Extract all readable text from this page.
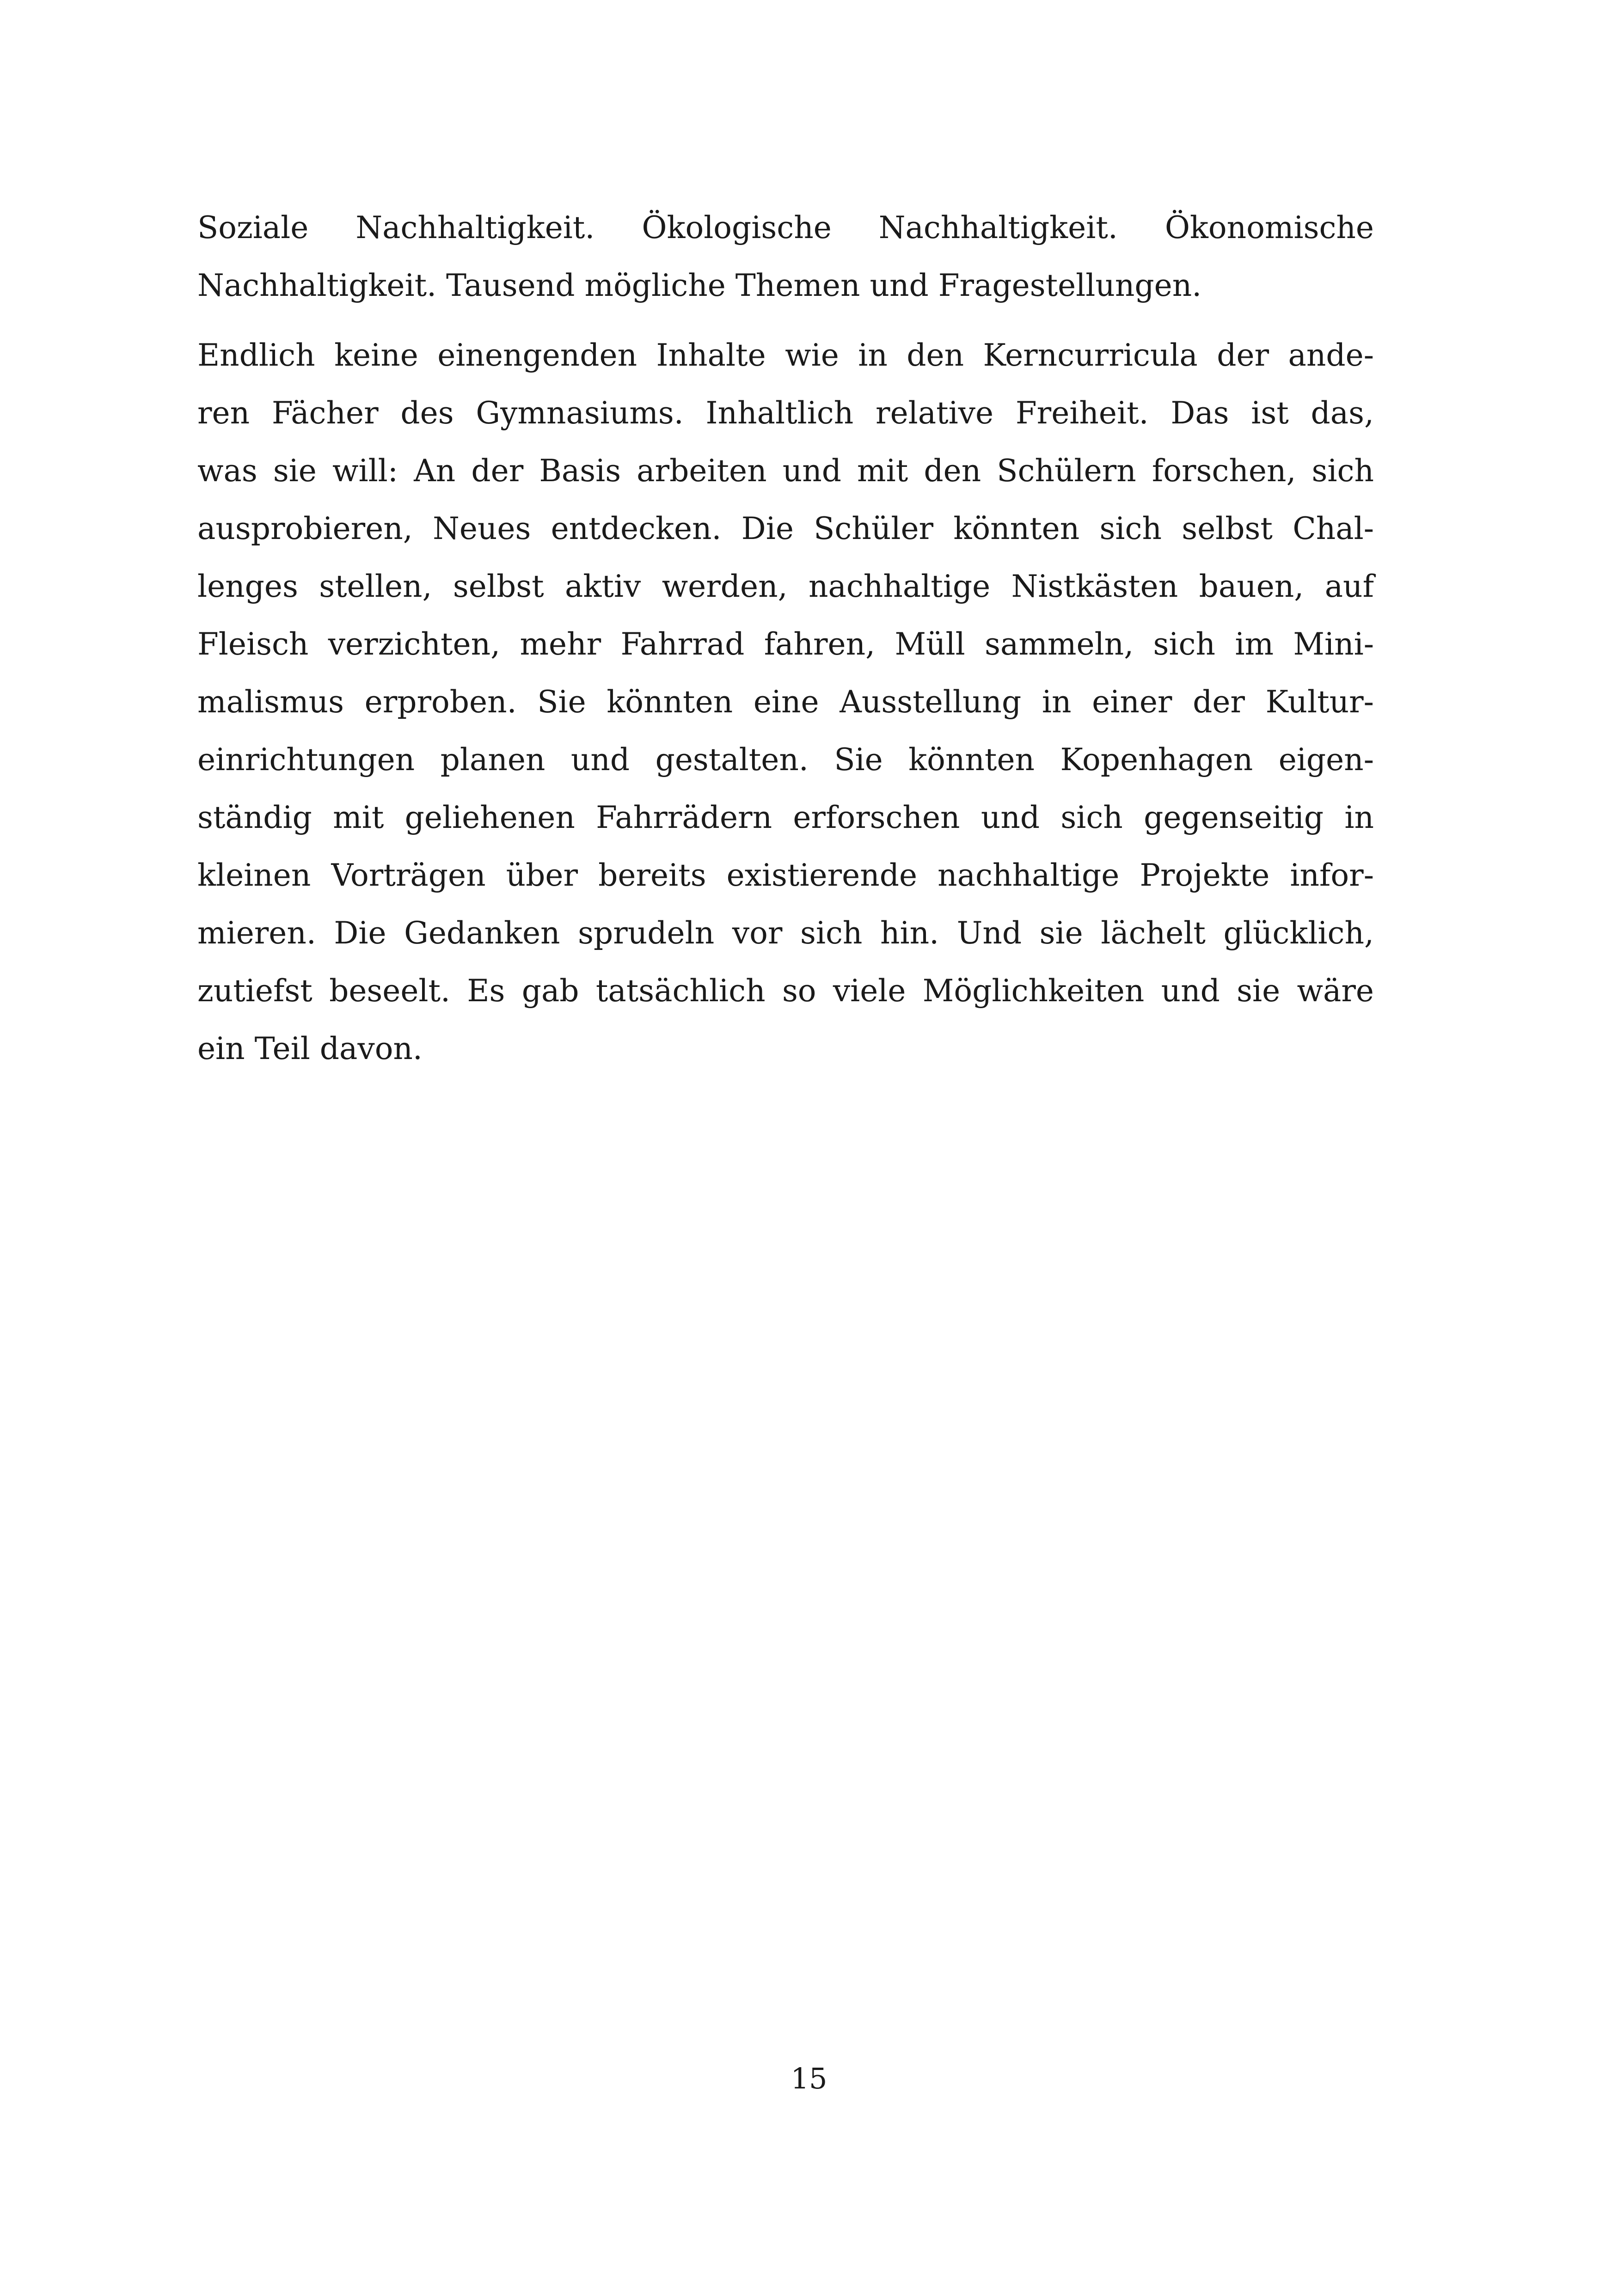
Soziale Nachhaltigkeit. Ökologische Nachhaltigkeit. Ökonomische
Nachhaltigkeit. Tausend mögliche Themen und Fragestellungen.
Endlich keine einengenden Inhalte wie in den Kerncurricula der ande-
ren Fächer des Gymnasiums. Inhaltlich relative Freiheit. Das ist das,
was sie will: An der Basis arbeiten und mit den Schülern forschen, sich
ausprobieren, Neues entdecken. Die Schüler könnten sich selbst Chal-
lenges stellen, selbst aktiv werden, nachhaltige Nistkästen bauen, auf
Fleisch verzichten, mehr Fahrrad fahren, Müll sammeln, sich im Mini-
malismus erproben. Sie könnten eine Ausstellung in einer der Kultur-
einrichtungen planen und gestalten. Sie könnten Kopenhagen eigen-
ständig mit geliehenen Fahrrädern erforschen und sich gegenseitig in
kleinen Vorträgen über bereits existierende nachhaltige Projekte infor-
mieren. Die Gedanken sprudeln vor sich hin. Und sie lächelt glücklich,
zutiefst beseelt. Es gab tatsächlich so viele Möglichkeiten und sie wäre
ein Teil davon.
15
